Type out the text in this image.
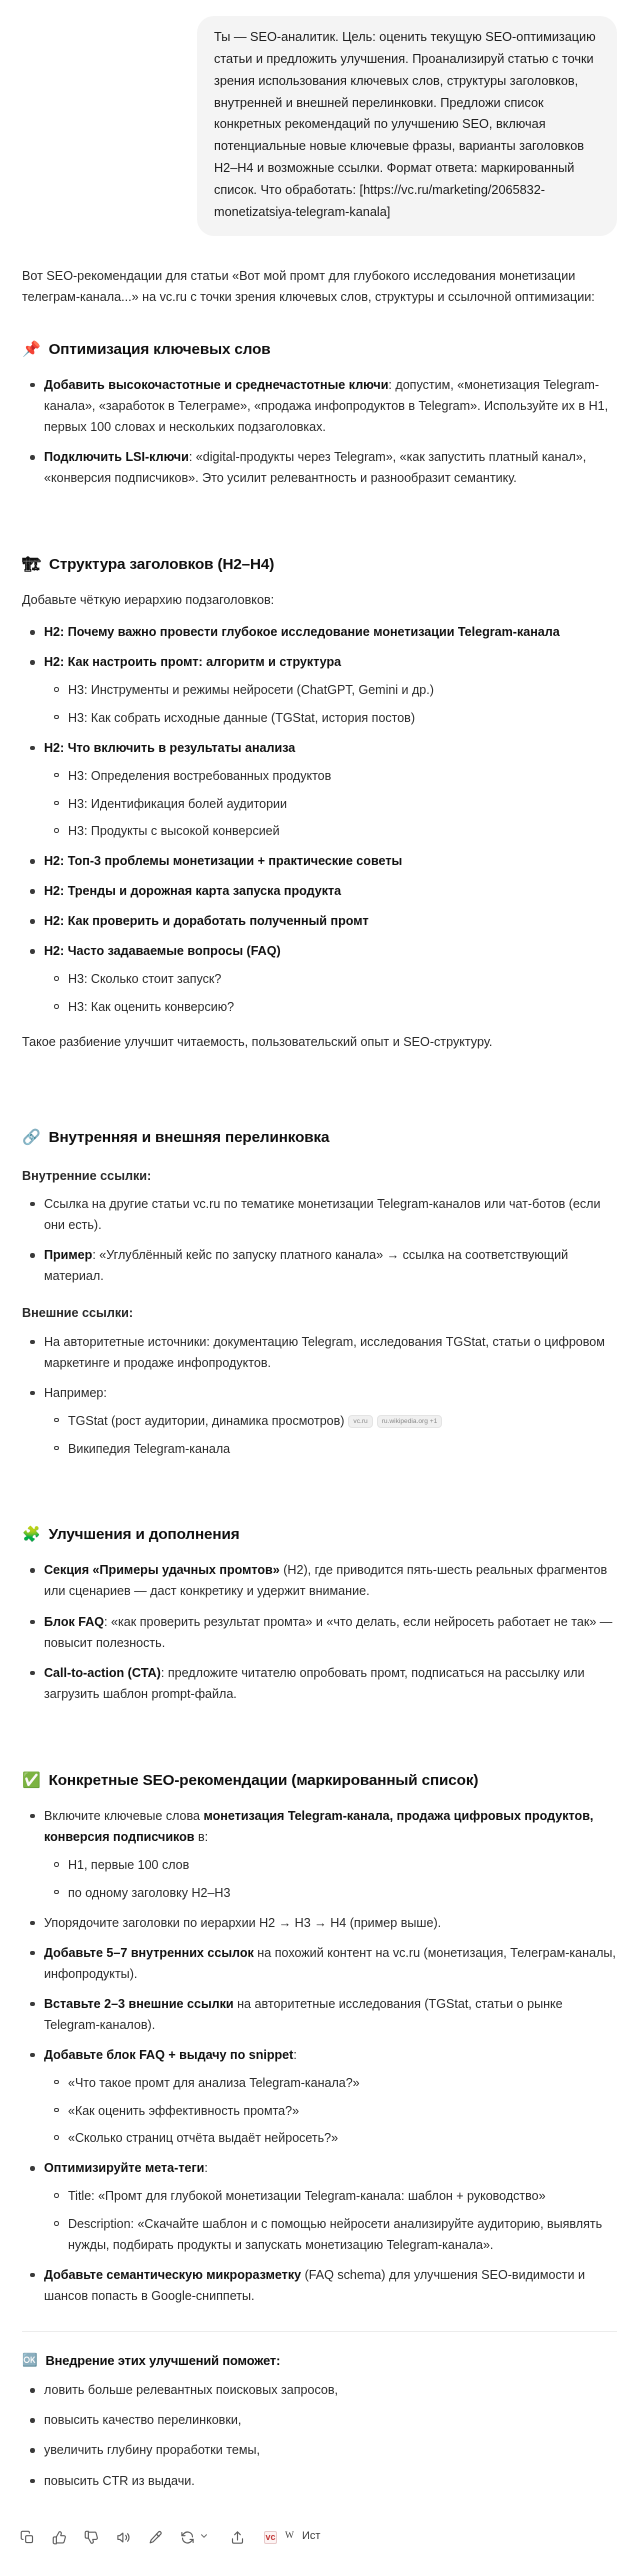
Ты — SEO-аналитик. Цель: оценить текущую SEO-оптимизацию статьи и предложить улучшения. Проанализируй статью с точки зрения использования ключевых слов, структуры заголовков, внутренней и внешней перелинковки. Предложи список конкретных рекомендаций по улучшению SEO, включая потенциальные новые ключевые фразы, варианты заголовков H2–H4 и возможные ссылки. Формат ответа: маркированный список. Что обработать: [https://vc.ru/marketing/2065832-monetizatsiya-telegram-kanala]

Вот SEO-рекомендации для статьи «Вот мой промт для глубокого исследования монетизации телеграм-канала...» на vc.ru с точки зрения ключевых слов, структуры и ссылочной оптимизации:

📌 Оптимизация ключевых слов
Добавить высокочастотные и среднечастотные ключи: допустим, «монетизация Telegram-канала», «заработок в Телеграме», «продажа инфопродуктов в Telegram». Используйте их в H1, первых 100 словах и нескольких подзаголовках.
Подключить LSI-ключи: «digital-продукты через Telegram», «как запустить платный канал», «конверсия подписчиков». Это усилит релевантность и разнообразит семантику.
🏗 Структура заголовков (H2–H4)

Добавьте чёткую иерархию подзаголовков:

H2: Почему важно провести глубокое исследование монетизации Telegram-канала
H2: Как настроить промт: алгоритм и структура
H3: Инструменты и режимы нейросети (ChatGPT, Gemini и др.)
H3: Как собрать исходные данные (TGStat, история постов)
H2: Что включить в результаты анализа
H3: Определения востребованных продуктов
H3: Идентификация болей аудитории
H3: Продукты с высокой конверсией
H2: Топ-3 проблемы монетизации + практические советы
H2: Тренды и дорожная карта запуска продукта
H2: Как проверить и доработать полученный промт
H2: Часто задаваемые вопросы (FAQ)
H3: Сколько стоит запуск?
H3: Как оценить конверсию?

Такое разбиение улучшит читаемость, пользовательский опыт и SEO-структуру.

🔗 Внутренняя и внешняя перелинковка
Внутренние ссылки:
Ссылка на другие статьи vc.ru по тематике монетизации Telegram-каналов или чат-ботов (если они есть).
Пример: «Углублённый кейс по запуску платного канала» → ссылка на соответствующий материал.
Внешние ссылки:
На авторитетные источники: документацию Telegram, исследования TGStat, статьи о цифровом маркетинге и продаже инфопродуктов.
Например:
TGStat (рост аудитории, динамика просмотров) vc.ru ru.wikipedia.org +1
Википедия Telegram-канала
🧩 Улучшения и дополнения
Секция «Примеры удачных промтов» (H2), где приводится пять-шесть реальных фрагментов или сценариев — даст конкретику и удержит внимание.
Блок FAQ: «как проверить результат промта» и «что делать, если нейросеть работает не так» — повысит полезность.
Call-to-action (CTA): предложите читателю опробовать промт, подписаться на рассылку или загрузить шаблон prompt-файла.
✅ Конкретные SEO-рекомендации (маркированный список)
Включите ключевые слова монетизация Telegram-канала, продажа цифровых продуктов, конверсия подписчиков в:
H1, первые 100 слов
по одному заголовку H2–H3
Упорядочите заголовки по иерархии H2 → H3 → H4 (пример выше).
Добавьте 5–7 внутренних ссылок на похожий контент на vc.ru (монетизация, Телеграм-каналы, инфопродукты).
Вставьте 2–3 внешние ссылки на авторитетные исследования (TGStat, статьи о рынке Telegram-каналов).
Добавьте блок FAQ + выдачу по snippet:
«Что такое промт для анализа Telegram-канала?»
«Как оценить эффективность промта?»
«Сколько страниц отчёта выдаёт нейросеть?»
Оптимизируйте мета-теги:
Title: «Промт для глубокой монетизации Telegram-канала: шаблон + руководство»
Description: «Скачайте шаблон и с помощью нейросети анализируйте аудиторию, выявлять нужды, подбирать продукты и запускать монетизацию Telegram-канала».
Добавьте семантическую микроразметку (FAQ schema) для улучшения SEO-видимости и шансов попасть в Google-сниппеты.
🆗 Внедрение этих улучшений поможет:
ловить больше релевантных поисковых запросов,
повысить качество перелинковки,
увеличить глубину проработки темы,
повысить CTR из выдачи.
vc W Ист
